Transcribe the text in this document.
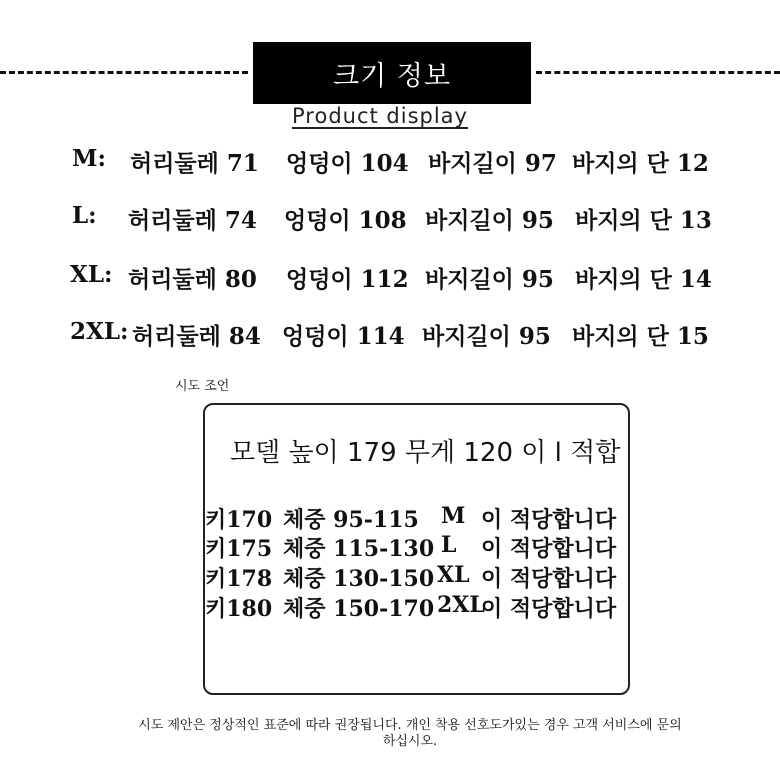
크기 정보
Product display
M: 허리둘레 71 엉덩이 104 바지길이 97 바지의 단 12
L: 허리둘레 74 엉덩이 108 바지길이 95 바지의 단 13
XL: 허리둘레 80 엉덩이 112 바지길이 95 바지의 단 14
2XL: 허리둘레 84 엉덩이 114 바지길이 95 바지의 단 15
시도 조언
모델 높이 179 무게 120 이 l 적합
키170 체중 95-115 M 이 적당합니다
키175 체중 115-130 L 이 적당합니다
키178 체중 130-150 XL 이 적당합니다
키180 체중 150-170 2XL
이 적당합니다
시도 제안은 정상적인 표준에 따라 권장됩니다. 개인 착용 선호도가있는 경우 고객 서비스에 문의
하십시오.
